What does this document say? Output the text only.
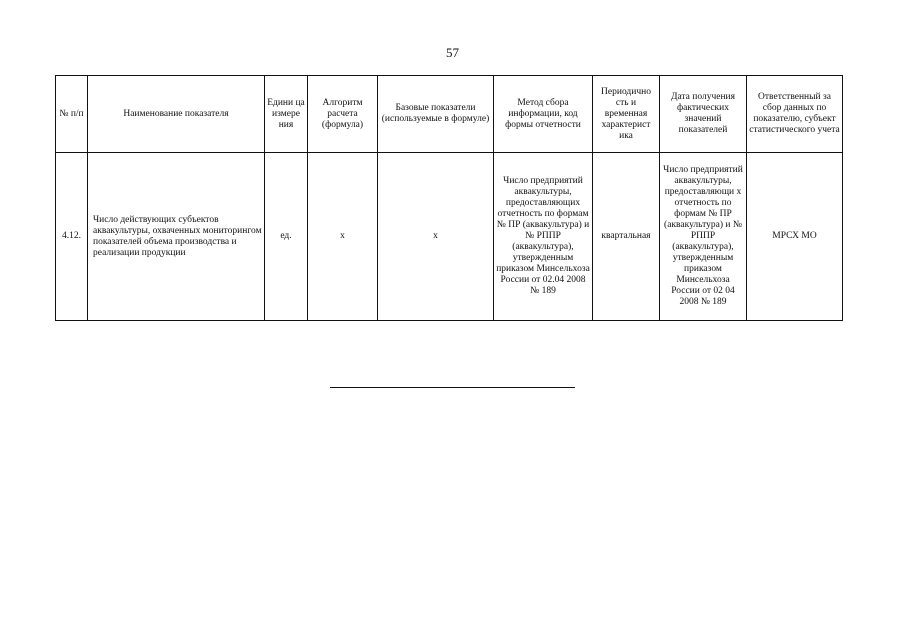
57
№ п/п	Наименование показателя	Едини ца измере ния	Алгоритм расчета (формула)	Базовые показатели (используемые в формуле)	Метод сбора информации, код формы отчетности	Периодично сть и временная характерист ика	Дата получения фактических значений показателей	Ответственный за сбор данных по показателю, субъект статистического учета
4.12.	Число действующих субъектов аквакультуры, охваченных мониторингом показателей объема производства и реализации продукции	ед.	x	x	Число предприятий аквакультуры, предоставляющих отчетность по формам № ПР (аквакультура) и № РППР (аквакультура), утвержденным приказом Минсельхоза России от 02.04 2008 № 189	квартальная	Число предприятий аквакультуры, предоставляющи х отчетность по формам № ПР (аквакультура) и № РППР (аквакультура), утвержденным приказом Минсельхоза России от 02 04 2008 № 189	МРСХ МО
